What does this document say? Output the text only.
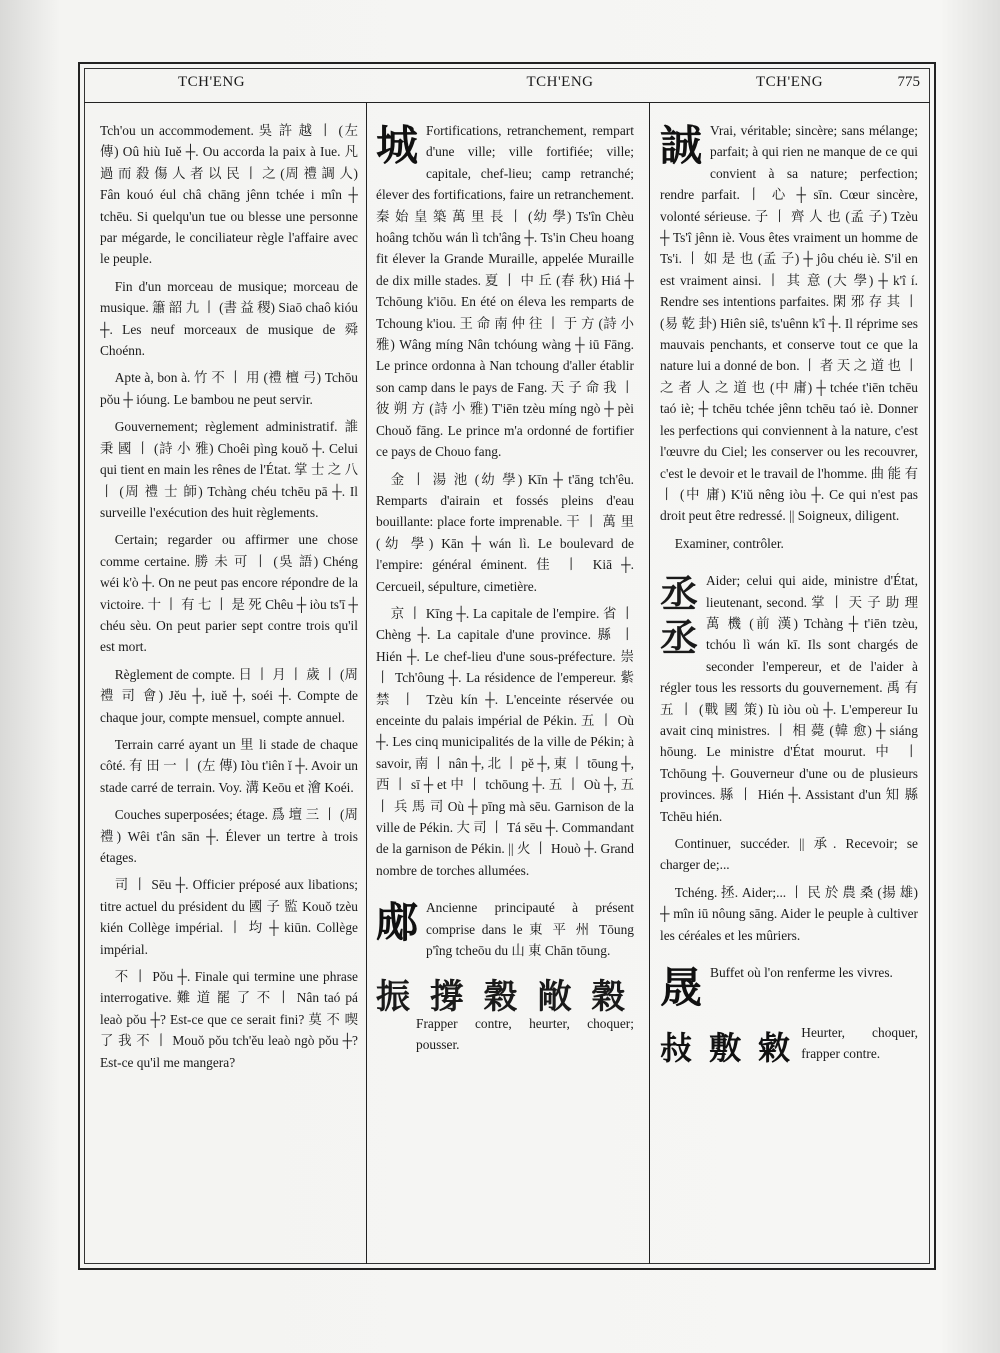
TCH'ENG	TCH'ENG	TCH'ENG	775

Tch'ou un accommodement. 吳 許 越 丨 (左 傳) Oû hiù Iuĕ ┼. Ou accorda la paix à Iue. 凡 過 而 殺 傷 人 者 以 民 丨 之 (周 禮 調 人) Fân kouó éul châ chāng jênn tchée i mîn ┼ tchēu. Si quelqu'un tue ou blesse une personne par mégarde, le conciliateur règle l'affaire avec le peuple.

Fin d'un morceau de musique; morceau de musique. 簫 韶 九 丨 (書 益 稷) Siaō chaô kióu ┼. Les neuf morceaux de musique de 舜 Choénn.

Apte à, bon à. 竹 不 丨 用 (禮 檀 弓) Tchōu pŏu ┼ ióung. Le bambou ne peut servir.

Gouvernement; règlement administratif. 誰 秉 國 丨 (詩 小 雅) Choêi pìng kouŏ ┼. Celui qui tient en main les rênes de l'État. 掌 士 之 八 丨 (周 禮 士 師) Tchàng chéu tchēu pā ┼. Il surveille l'exécution des huit règlements.

Certain; regarder ou affirmer une chose comme certaine. 勝 未 可 丨 (吳 語) Chéng wéi k'ò ┼. On ne peut pas encore répondre de la victoire. 十 丨 有 七 丨 是 死 Chêu ┼ iòu ts'ī ┼ chéu sèu. On peut parier sept contre trois qu'il est mort.

Règlement de compte. 日 丨 月 丨 歲 丨 (周 禮 司 會) Jĕu ┼, iuĕ ┼, soéi ┼. Compte de chaque jour, compte mensuel, compte annuel.

Terrain carré ayant un 里 li stade de chaque côté. 有 田 一 丨 (左 傳) Iòu t'iên ĭ ┼. Avoir un stade carré de terrain. Voy. 溝 Keōu et 澮 Koéi.

Couches superposées; étage. 爲 壇 三 丨 (周 禮) Wêi t'ân sān ┼. Élever un tertre à trois étages.

司 丨 Sēu ┼. Officier préposé aux libations; titre actuel du président du 國 子 監 Kouŏ tzèu kién Collège impérial. 丨 均 ┼ kiūn. Collège impérial.

不 丨 Pŏu ┼. Finale qui termine une phrase interrogative. 難 道 罷 了 不 丨 Nân taó pá leaò pŏu ┼? Est-ce que ce serait fini? 莫 不 喫 了 我 不 丨 Mouŏ pŏu tch'ĕu leaò ngò pŏu ┼? Est-ce qu'il me mangera?

城 Fortifications, retranchement, rempart d'une ville; ville fortifiée; ville; capitale, chef-lieu; camp retranché; élever des fortifications, faire un retranchement. 秦 始 皇 築 萬 里 長 丨 (幼 學) Ts'în Chèu hoâng tchŏu wán lì tch'âng ┼. Ts'in Cheu hoang fit élever la Grande Muraille, appelée Muraille de dix mille stades. 夏 丨 中 丘 (春 秋) Hiá ┼ Tchōung k'iōu. En été on éleva les remparts de Tchoung k'iou. 王 命 南 仲 往 丨 于 方 (詩 小 雅) Wâng míng Nân tchóung wàng ┼ iū Fāng. Le prince ordonna à Nan tchoung d'aller établir son camp dans le pays de Fang. 天 子 命 我 丨 彼 朔 方 (詩 小 雅) T'iēn tzèu míng ngò ┼ pèi Chouŏ fāng. Le prince m'a ordonné de fortifier ce pays de Chouo fang.

金 丨 湯 池 (幼 學) Kīn ┼ t'āng tch'êu. Remparts d'airain et fossés pleins d'eau bouillante: place forte imprenable. 干 丨 萬 里 (幼 學) Kān ┼ wán lì. Le boulevard de l'empire: général éminent. 佳 丨 Kiā ┼. Cercueil, sépulture, cimetière.

京 丨 Kīng ┼. La capitale de l'empire. 省 丨 Chèng ┼. La capitale d'une province. 縣 丨 Hién ┼. Le chef-lieu d'une sous-préfecture. 崇 丨 Tch'ôung ┼. La résidence de l'empereur. 紫 禁 丨 Tzèu kín ┼. L'enceinte réservée ou enceinte du palais impérial de Pékin. 五 丨 Où ┼. Les cinq municipalités de la ville de Pékin; à savoir, 南 丨 nân ┼, 北 丨 pĕ ┼, 東 丨 tōung ┼, 西 丨 sī ┼ et 中 丨 tchōung ┼. 五 丨 Où ┼, 五 丨 兵 馬 司 Où ┼ pīng mà sēu. Garnison de la ville de Pékin. 大 司 丨 Tá sēu ┼. Commandant de la garnison de Pékin. || 火 丨 Houò ┼. Grand nombre de torches allumées.

郕 Ancienne principauté à présent comprise dans le 東 平 州 Tōung p'îng tcheōu du 山 東 Chān tōung.

振 撐 穀 敞 穀

Frapper contre, heurter, choquer; pousser.

誠 Vrai, véritable; sincère; sans mélange; parfait; à qui rien ne manque de ce qui convient à sa nature; perfection; rendre parfait. 丨 心 ┼ sīn. Cœur sincère, volonté sérieuse. 子 丨 齊 人 也 (孟 子) Tzèu ┼ Ts'î jênn iè. Vous êtes vraiment un homme de Ts'i. 丨 如 是 也 (孟 子) ┼ jôu chéu iè. S'il en est vraiment ainsi. 丨 其 意 (大 學) ┼ k'î í. Rendre ses intentions parfaites. 閑 邪 存 其 丨 (易 乾 卦) Hiên siê, ts'uênn k'î ┼. Il réprime ses mauvais penchants, et conserve tout ce que la nature lui a donné de bon. 丨 者 天 之 道 也 丨 之 者 人 之 道 也 (中 庸) ┼ tchée t'iēn tchēu taó iè; ┼ tchēu tchée jênn tchēu taó iè. Donner les perfections qui conviennent à la nature, c'est l'œuvre du Ciel; les conserver ou les recouvrer, c'est le devoir et le travail de l'homme. 曲 能 有 丨 (中 庸) K'iŭ nêng iòu ┼. Ce qui n'est pas droit peut être redressé. || Soigneux, diligent.

Examiner, contrôler.

丞
丞

Aider; celui qui aide, ministre d'État, lieutenant, second. 掌 丨 天 子 助 理 萬 機 (前 漢) Tchàng ┼ t'iēn tzèu, tchóu lì wán kī. Ils sont chargés de seconder l'empereur, et de l'aider à régler tous les ressorts du gouvernement. 禹 有 五 丨 (戰 國 策) Iù iòu où ┼. L'empereur Iu avait cinq ministres. 丨 相 薨 (韓 愈) ┼ siáng hōung. Le ministre d'État mourut. 中 丨 Tchōung ┼. Gouverneur d'une ou de plusieurs provinces. 縣 丨 Hién ┼. Assistant d'un 知 縣 Tchēu hién.

Continuer, succéder. || 承. Recevoir; se charger de;...

Tchéng. 拯. Aider;... 丨 民 於 農 桑 (揚 雄) ┼ mîn iū nôung sāng. Aider le peuple à cultiver les céréales et les mûriers.

晟 Buffet où l'on renferme les vivres.

敊 敷 敹 Heurter, choquer, frapper contre.
